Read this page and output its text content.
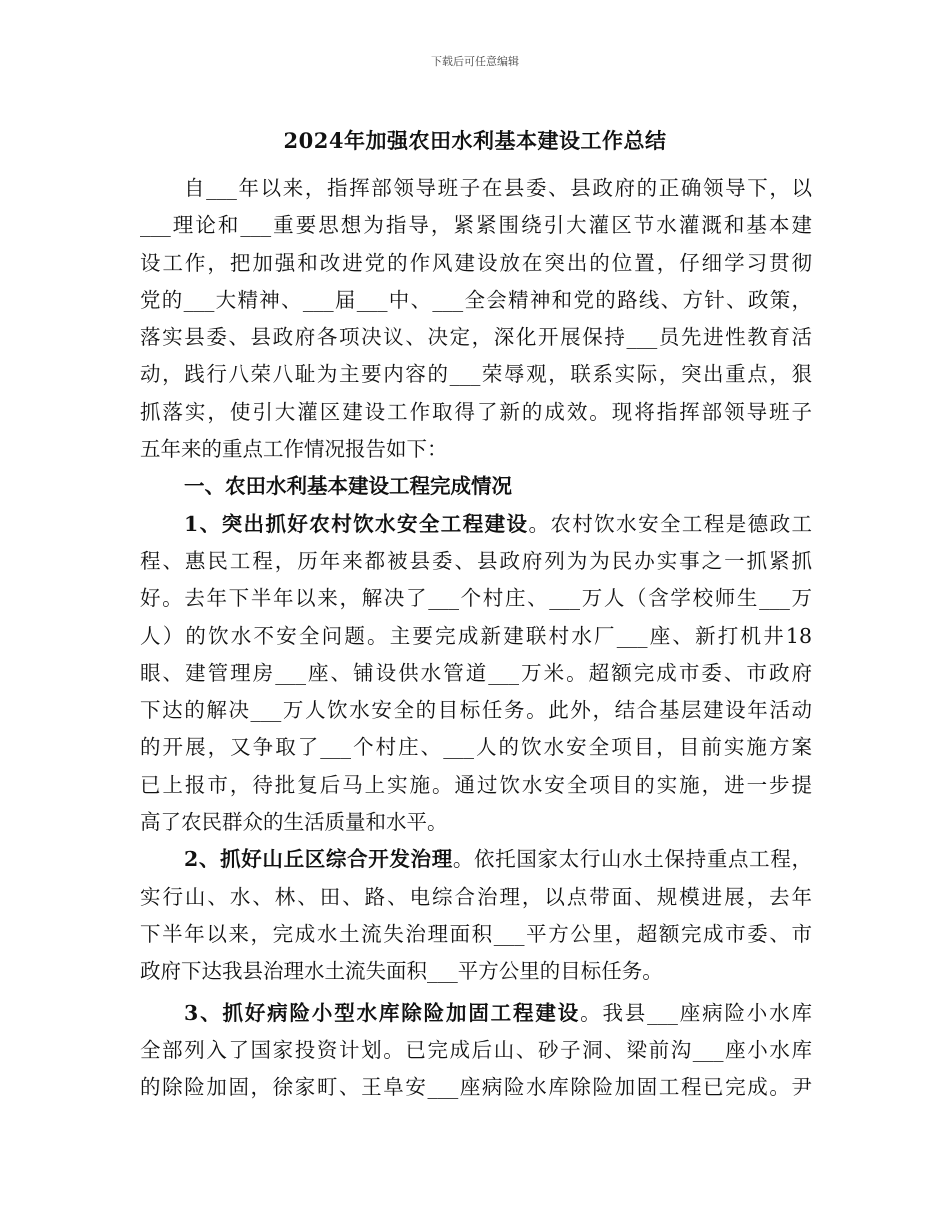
下载后可任意编辑
2024年加强农田水利基本建设工作总结
自___年以来，指挥部领导班子在县委、县政府的正确领导下，以
___理论和___重要思想为指导，紧紧围绕引大灌区节水灌溉和基本建
设工作，把加强和改进党的作风建设放在突出的位置，仔细学习贯彻
党的___大精神、___届___中、___全会精神和党的路线、方针、政策，
落实县委、县政府各项决议、决定，深化开展保持___员先进性教育活
动，践行八荣八耻为主要内容的___荣辱观，联系实际，突出重点，狠
抓落实，使引大灌区建设工作取得了新的成效。现将指挥部领导班子
五年来的重点工作情况报告如下：
一、农田水利基本建设工程完成情况
1、突出抓好农村饮水安全工程建设。农村饮水安全工程是德政工
程、惠民工程，历年来都被县委、县政府列为为民办实事之一抓紧抓
好。去年下半年以来，解决了___个村庄、___万人（含学校师生___万
人）的饮水不安全问题。主要完成新建联村水厂___座、新打机井18
眼、建管理房___座、铺设供水管道___万米。超额完成市委、市政府
下达的解决___万人饮水安全的目标任务。此外，结合基层建设年活动
的开展，又争取了___个村庄、___人的饮水安全项目，目前实施方案
已上报市，待批复后马上实施。通过饮水安全项目的实施，进一步提
高了农民群众的生活质量和水平。
2、抓好山丘区综合开发治理。依托国家太行山水土保持重点工程，
实行山、水、林、田、路、电综合治理，以点带面、规模进展，去年
下半年以来，完成水土流失治理面积___平方公里，超额完成市委、市
政府下达我县治理水土流失面积___平方公里的目标任务。
3、抓好病险小型水库除险加固工程建设。我县___座病险小水库
全部列入了国家投资计划。已完成后山、砂子洞、梁前沟___座小水库
的除险加固，徐家町、王阜安___座病险水库除险加固工程已完成。尹
